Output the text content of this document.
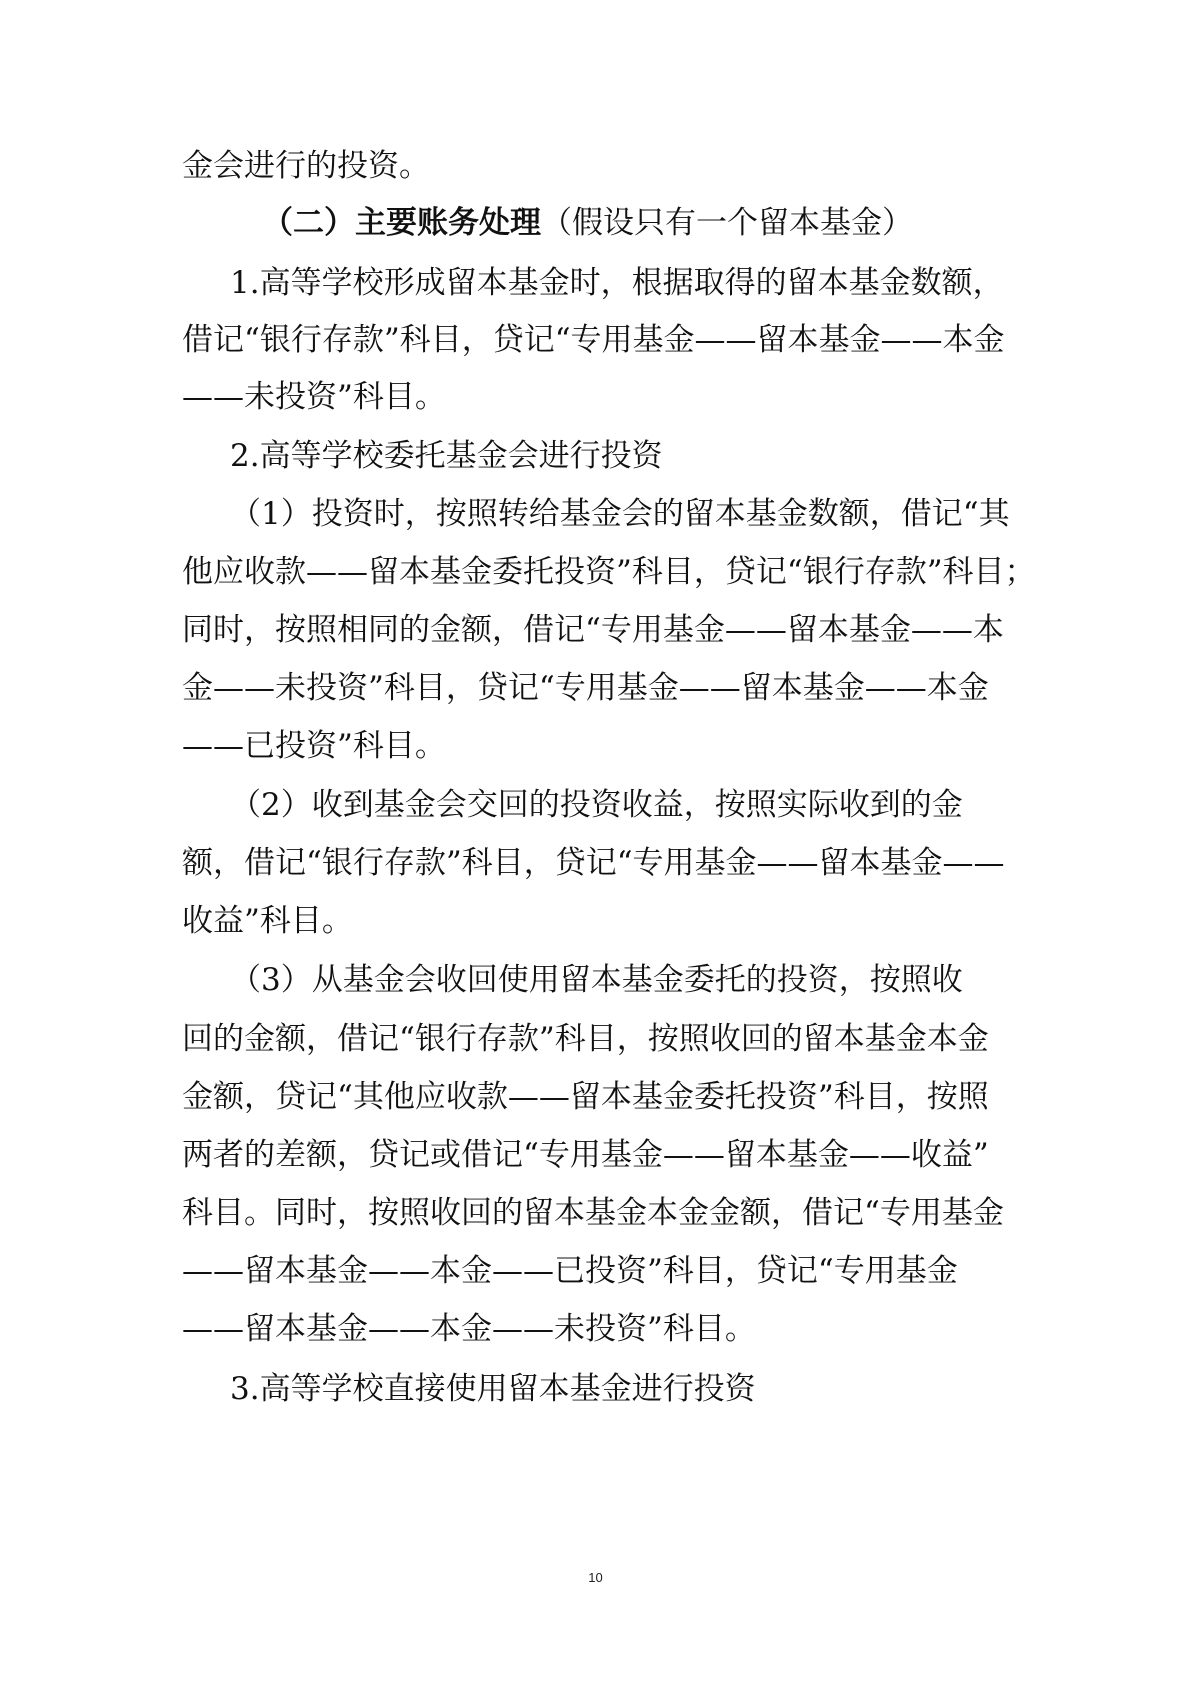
金会进行的投资。
（二）主要账务处理（假设只有一个留本基金）
1.高等学校形成留本基金时，根据取得的留本基金数额，
借记“银行存款”科目，贷记“专用基金——留本基金——本金
——未投资”科目。
2.高等学校委托基金会进行投资
（1）投资时，按照转给基金会的留本基金数额，借记“其
他应收款——留本基金委托投资”科目，贷记“银行存款”科目；
同时，按照相同的金额，借记“专用基金——留本基金——本
金——未投资”科目，贷记“专用基金——留本基金——本金
——已投资”科目。
（2）收到基金会交回的投资收益，按照实际收到的金
额，借记“银行存款”科目，贷记“专用基金——留本基金——
收益”科目。
（3）从基金会收回使用留本基金委托的投资，按照收
回的金额，借记“银行存款”科目，按照收回的留本基金本金
金额，贷记“其他应收款——留本基金委托投资”科目，按照
两者的差额，贷记或借记“专用基金——留本基金——收益”
科目。同时，按照收回的留本基金本金金额，借记“专用基金
——留本基金——本金——已投资”科目，贷记“专用基金
——留本基金——本金——未投资”科目。
3.高等学校直接使用留本基金进行投资
10
